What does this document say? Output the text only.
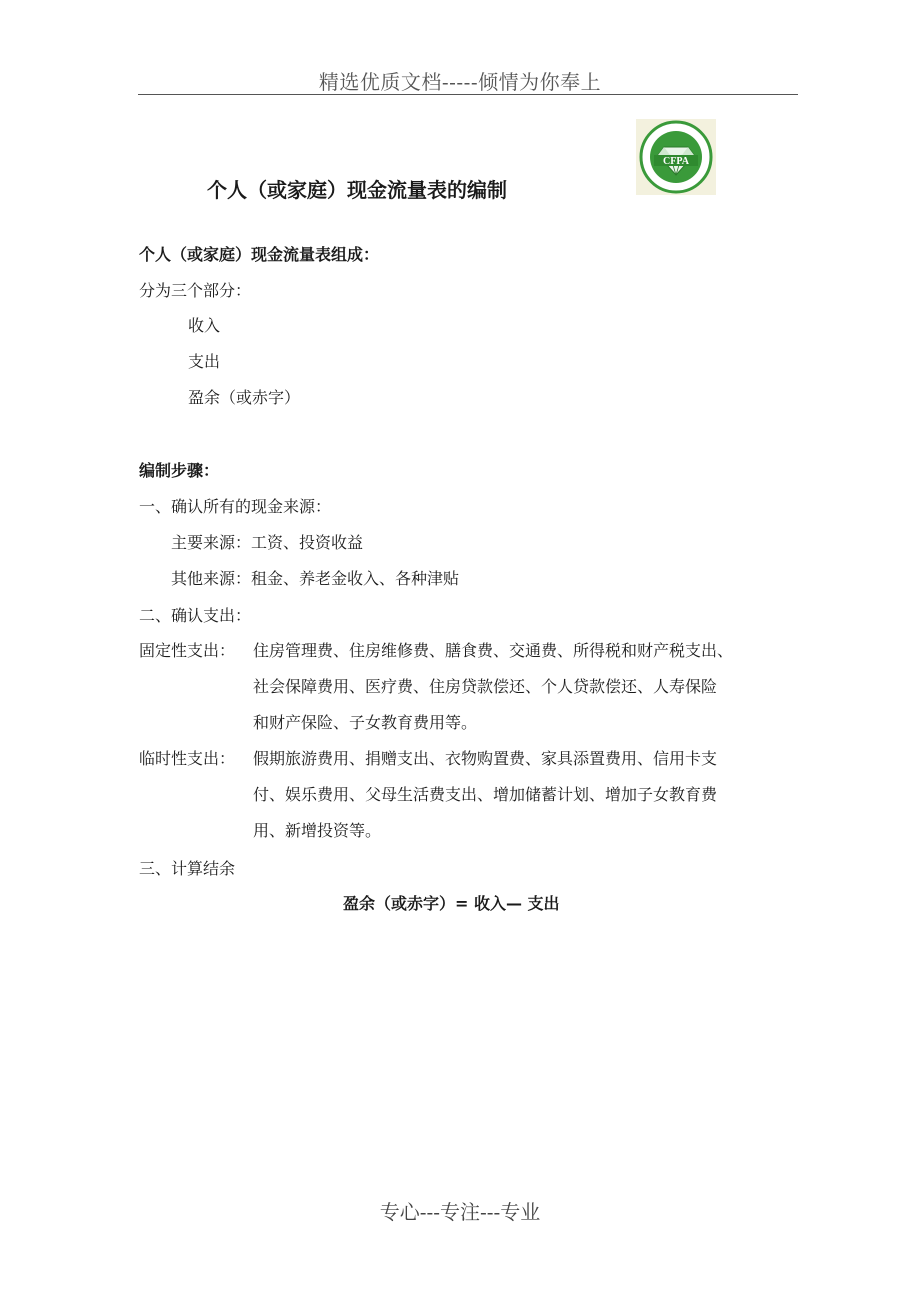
精选优质文档-----倾情为你奉上
个人（或家庭）现金流量表的编制
CFPA
个人（或家庭）现金流量表组成：
分为三个部分：
收入
支出
盈余（或赤字）
编制步骤：
一、确认所有的现金来源：
主要来源：工资、投资收益
其他来源：租金、养老金收入、各种津贴
二、确认支出：
固定性支出： 住房管理费、住房维修费、膳食费、交通费、所得税和财产税支出、
社会保障费用、医疗费、住房贷款偿还、个人贷款偿还、人寿保险
和财产保险、子女教育费用等。
临时性支出： 假期旅游费用、捐赠支出、衣物购置费、家具添置费用、信用卡支
付、娱乐费用、父母生活费支出、增加储蓄计划、增加子女教育费
用、新增投资等。
三、计算结余
盈余（或赤字）= 收入— 支出
专心---专注---专业
